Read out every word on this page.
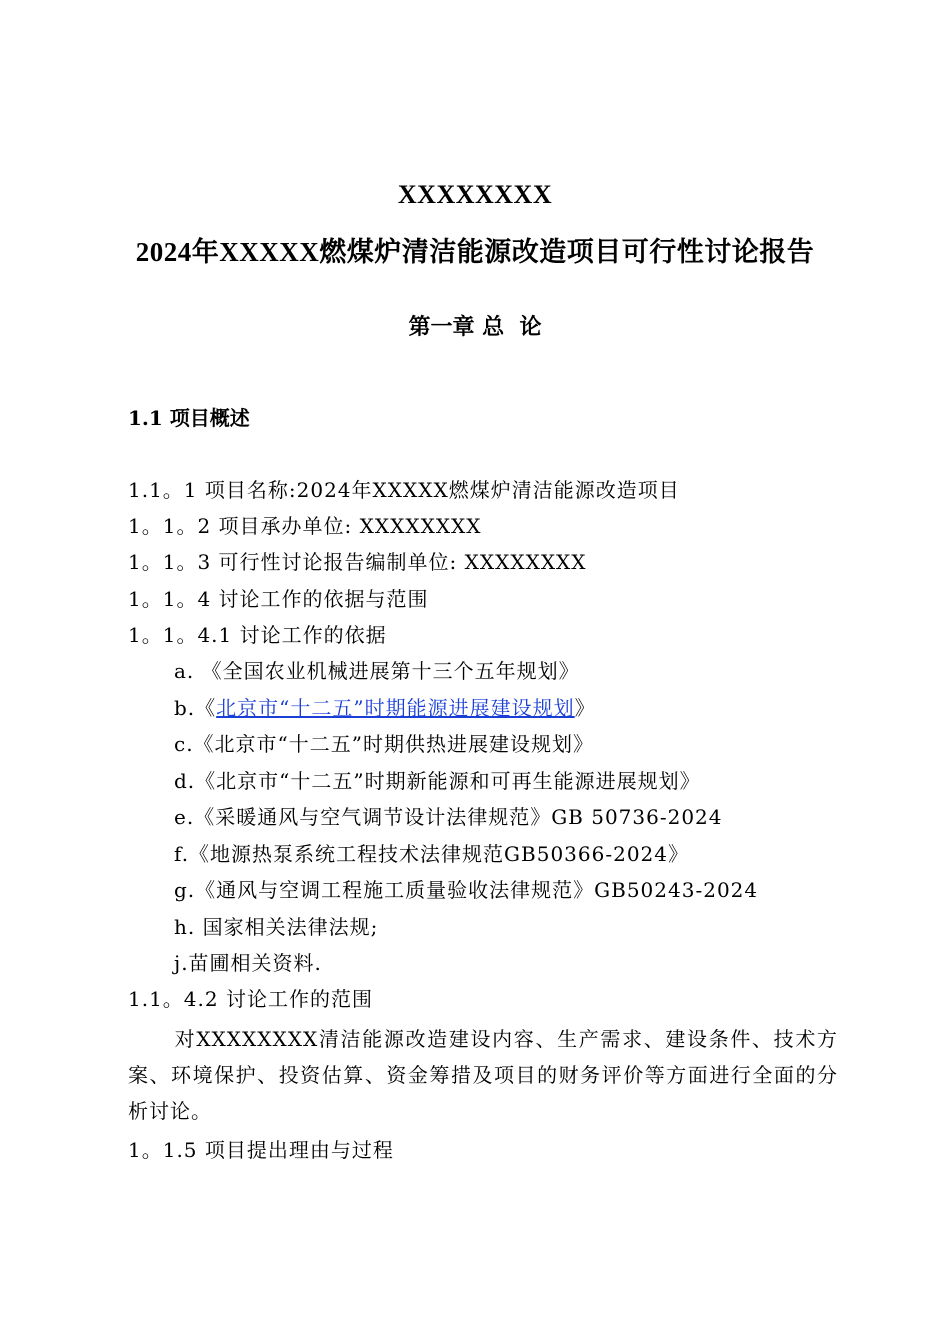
XXXXXXXX
2024年XXXXX燃煤炉清洁能源改造项目可行性讨论报告
第一章 总  论
1.1 项目概述
1.1。1 项目名称:2024年XXXXX燃煤炉清洁能源改造项目
1。1。2 项目承办单位: XXXXXXXX
1。1。3 可行性讨论报告编制单位: XXXXXXXX
1。1。4 讨论工作的依据与范围
1。1。4.1 讨论工作的依据
a. 《全国农业机械进展第十三个五年规划》
b.《北京市“十二五”时期能源进展建设规划》
c.《北京市“十二五”时期供热进展建设规划》
d.《北京市“十二五”时期新能源和可再生能源进展规划》
e.《采暖通风与空气调节设计法律规范》GB 50736-2024
f.《地源热泵系统工程技术法律规范GB50366-2024》
g.《通风与空调工程施工质量验收法律规范》GB50243-2024
h. 国家相关法律法规;
j.苗圃相关资料.
1.1。4.2 讨论工作的范围
对XXXXXXXX清洁能源改造建设内容、生产需求、建设条件、技术方案、环境保护、投资估算、资金筹措及项目的财务评价等方面进行全面的分析讨论。
1。1.5 项目提出理由与过程
